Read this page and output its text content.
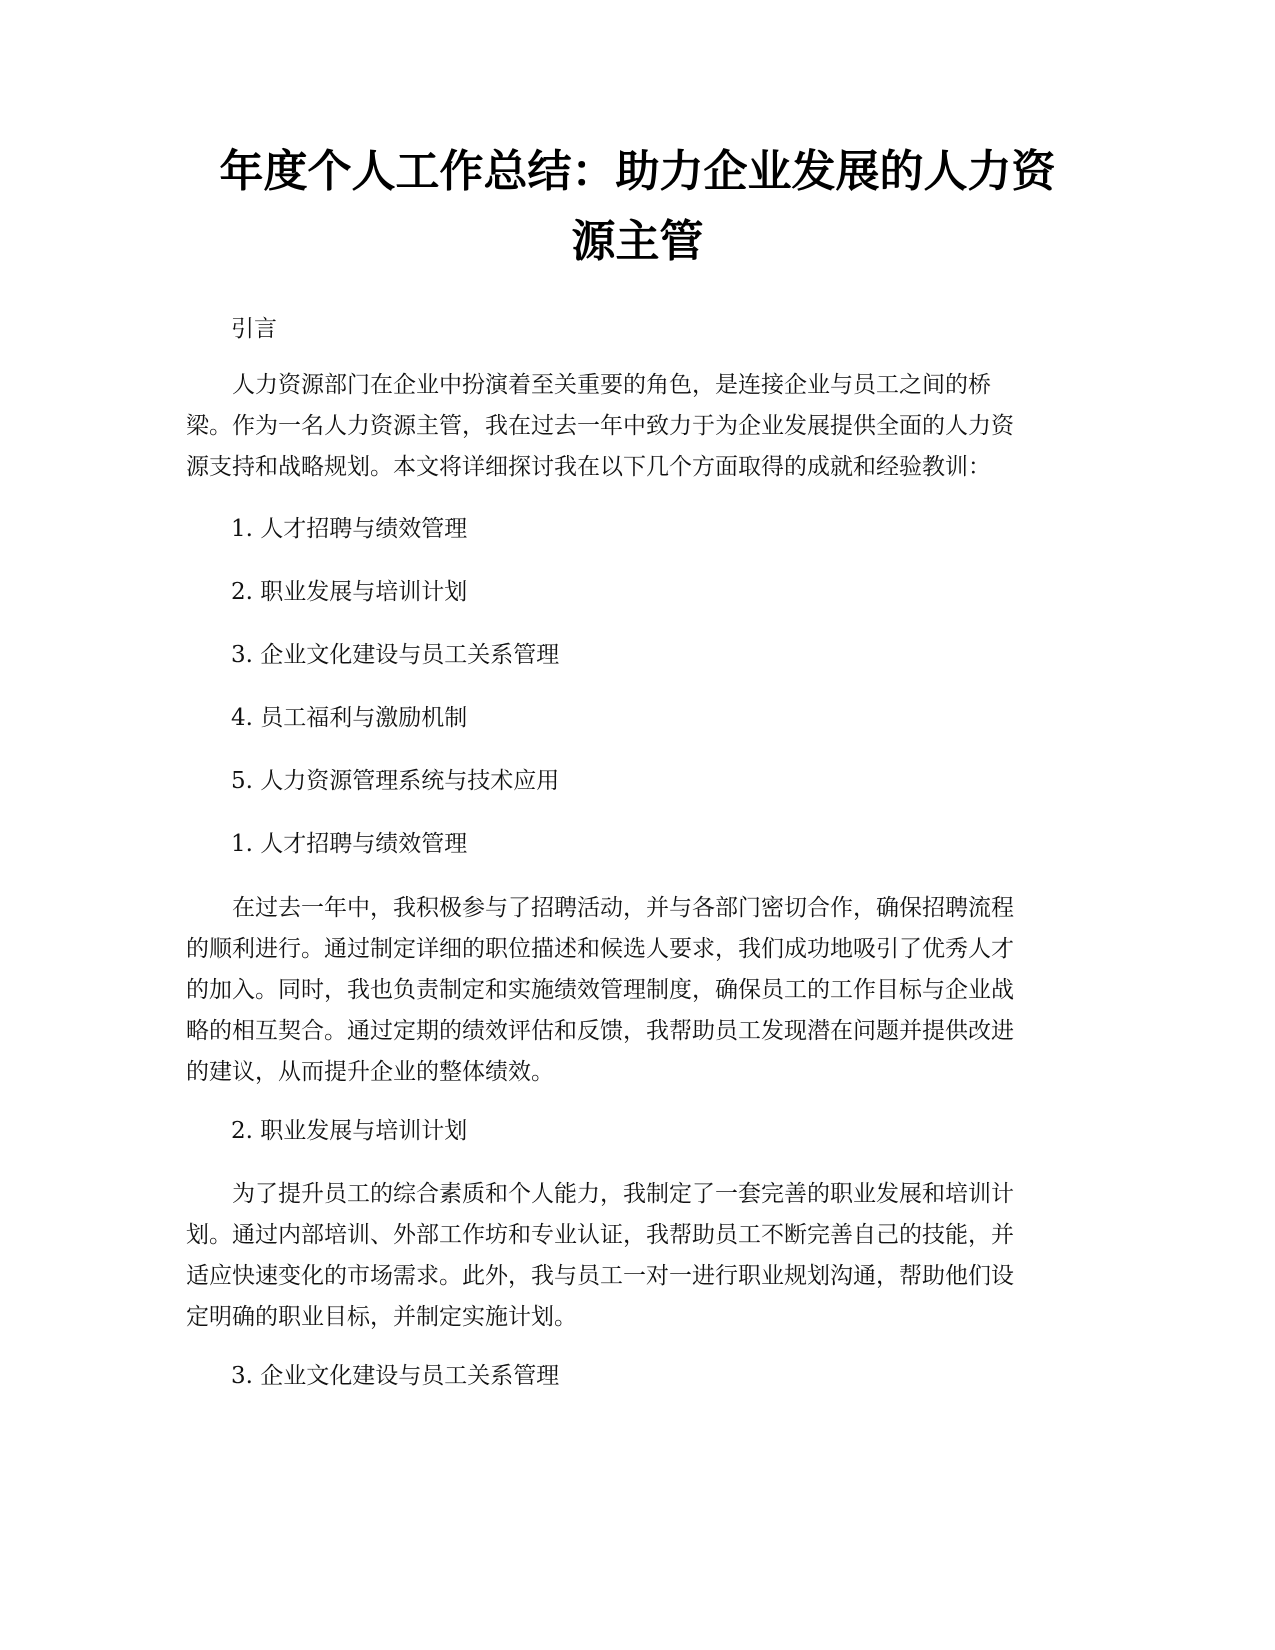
年度个人工作总结：助力企业发展的人力资
源主管

引言

人力资源部门在企业中扮演着至关重要的角色，是连接企业与员工之间的桥
梁。作为一名人力资源主管，我在过去一年中致力于为企业发展提供全面的人力资
源支持和战略规划。本文将详细探讨我在以下几个方面取得的成就和经验教训：

1. 人才招聘与绩效管理

2. 职业发展与培训计划

3. 企业文化建设与员工关系管理

4. 员工福利与激励机制

5. 人力资源管理系统与技术应用

1. 人才招聘与绩效管理

在过去一年中，我积极参与了招聘活动，并与各部门密切合作，确保招聘流程
的顺利进行。通过制定详细的职位描述和候选人要求，我们成功地吸引了优秀人才
的加入。同时，我也负责制定和实施绩效管理制度，确保员工的工作目标与企业战
略的相互契合。通过定期的绩效评估和反馈，我帮助员工发现潜在问题并提供改进
的建议，从而提升企业的整体绩效。

2. 职业发展与培训计划

为了提升员工的综合素质和个人能力，我制定了一套完善的职业发展和培训计
划。通过内部培训、外部工作坊和专业认证，我帮助员工不断完善自己的技能，并
适应快速变化的市场需求。此外，我与员工一对一进行职业规划沟通，帮助他们设
定明确的职业目标，并制定实施计划。

3. 企业文化建设与员工关系管理
